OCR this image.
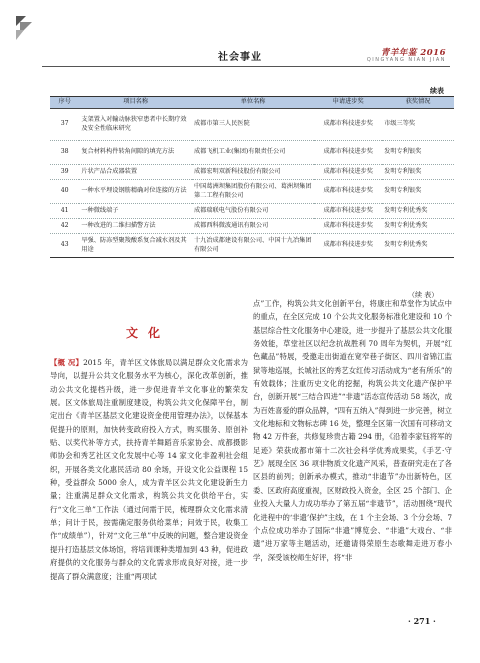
社会事业	青羊年鉴 2016
QINGYANG NIAN JIAN
续表
序号	项目名称	单位名称	申请进步奖	获奖情况
37	支架置入对輸动脉狭窄患者中长期疗效及安全性临床研究	成都市第三人民医院	成都市科技进步奖	市级三等奖
38	复合材料构件转角间隙的填充方法	成都飞机工业(集团)有限责任公司	成都市科技进步奖	发明专利银奖
39	片状产品合成器装置	成都宏明双新科技股份有限公司	成都市科技进步奖	发明专利银奖
40	一种水平埋设钢筋精确对位连接的方法	中国葛洲坝集团股份有限公司、葛洲坝集团第二工程有限公司	成都市科技进步奖	发明专利银奖
41	一种微线端子	成都瑞联电气股份有限公司	成都市科技进步奖	发明专利优秀奖
42	一种改进的二维扫描警方法	成都西科微波通讯有限公司	成都市科技进步奖	发明专利优秀奖
43	旱强、防冻型聚羧酸系复合减水剂及其用途	十九冶成都建设有限公司、中国十九冶集团有限公司	成都市科技进步奖	发明专利优秀奖
（续 表）
文化

【概 况】2015 年，青羊区文体旅局以满足群众文化需求为导向，以提升公共文化服务水平为核心，深化改革创新，推动公共文化提档升级，进一步促进青羊文化事业的繁荣发展。区文体旅局注重制度建设，构筑公共文化保障平台，制定出台《青羊区基层文化建设资金使用管理办法》，以保基本促提升的原则，加快转变政府投入方式，购买服务、原创补贴、以奖代补等方式，扶持青羊舞蹈音乐家协会、成都摄影师协会和秀艺社区文化发展中心等 14 家文化非盈利社会组织，开展各类文化惠民活动 80 余场，开设文化公益课程 15 种，受益群众 5000 余人，成为青羊区公共文化建设新生力量；注重满足群众文化需求，构筑公共文化供给平台，实行“文化三单”工作法（通过问需于民，梳理群众文化需求清单；问计于民，按需确定服务供给菜单；问效于民，收集工作“成绩单”），针对“文化三单”中反映的问题，整合建设资金提升打造基层文体场馆，将培训课种类增加到 43 种，促进政府提供的文化服务与群众的文化需求形成良好对接，进一步提高了群众满意度；注重“两项试

点”工作，构筑公共文化创新平台，将康庄和草堂作为试点中的重点，在全区完成 10 个公共文化服务标准化建设和 10 个基层综合性文化服务中心建设，进一步提升了基层公共文化服务效能，草堂社区以纪念抗战胜利 70 周年为契机，开展“红色藏品”特展，受邀走出街道在宽窄巷子街区、四川省锦江监狱等地巡展，长城社区的秀艺女红传习活动成为“老有所乐”的有效载体；注重历史文化的挖掘，构筑公共文化遗产保护平台，创新开展“三结合四进”“非遗”活态宣传活动 58 场次，成为百姓喜爱的群众品牌，“四有五纳入”得到进一步完善，树立文化地标和文物标志碑 16 处，整理全区第一次国有可移动文物 42 万件套，共修复珍贵古籍 294 册，《沿着李家钰将军的足迹》荣获成都市第十二次社会科学优秀成果奖，《手艺·守艺》展现全区 36 项非物质文化遗产风采，普查研究走在了各区县的前列；创新承办模式，推动“非遗节”办出新特色，区委、区政府高度重视，区财政投入资金，全区 25 个部门、企业投入大量人力成功举办了第五届“非遗节”，活动围绕“现代化进程中的‘非遗’保护”主线，在 1 个主会场、3 个分会场、7 个点位成功举办了国际“非遗”博览会、“非遗”大戏台、“非遗”进万家等主题活动，还邀请得荣原生态歌舞走进万春小学，深受该校师生好评，将“非

· 271 ·
